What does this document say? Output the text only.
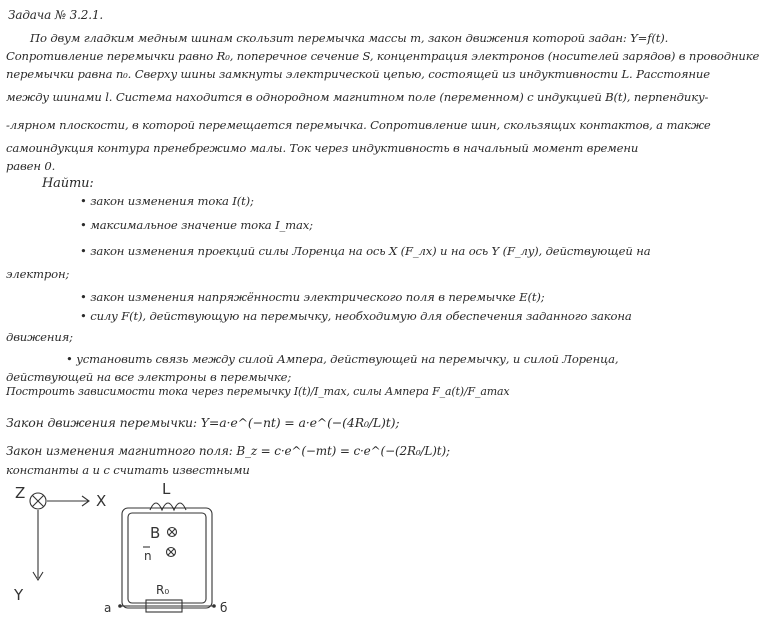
Задача № 3.2.1.
По двум гладким медным шинам скользит перемычка массы m, закон движения которой задан: Y=f(t).
Сопротивление перемычки равно R₀, поперечное сечение S, концентрация электронов (носителей зарядов) в проводнике
перемычки равна n₀. Сверху шины замкнуты электрической цепью, состоящей из индуктивности L. Расстояние
между шинами l. Система находится в однородном магнитном поле (переменном) с индукцией B(t), перпендику-
-лярном плоскости, в которой перемещается перемычка. Сопротивление шин, скользящих контактов, а также
самоиндукция контура пренебрежимо малы. Ток через индуктивность в начальный момент времени
равен 0.
Найти:
• закон изменения тока I(t);
• максимальное значение тока I_max;
• закон изменения проекций силы Лоренца на ось X (F_лx) и на ось Y (F_лy), действующей на
электрон;
• закон изменения напряжённости электрического поля в перемычке E(t);
• силу F(t), действующую на перемычку, необходимую для обеспечения заданного закона
движения;
• установить связь между силой Ампера, действующей на перемычку, и силой Лоренца,
действующей на все электроны в перемычке;
Построить зависимости тока через перемычку I(t)/I_max, силы Ампера F_a(t)/F_amax
Закон движения перемычки: Y=a·e^(−nt) = a·e^(−(4R₀/L)t);
Закон изменения магнитного поля: B_z = c·e^(−mt) = c·e^(−(2R₀/L)t);
константы a и c считать известными
Z	X
Y
L
B
n
R₀
а	б
